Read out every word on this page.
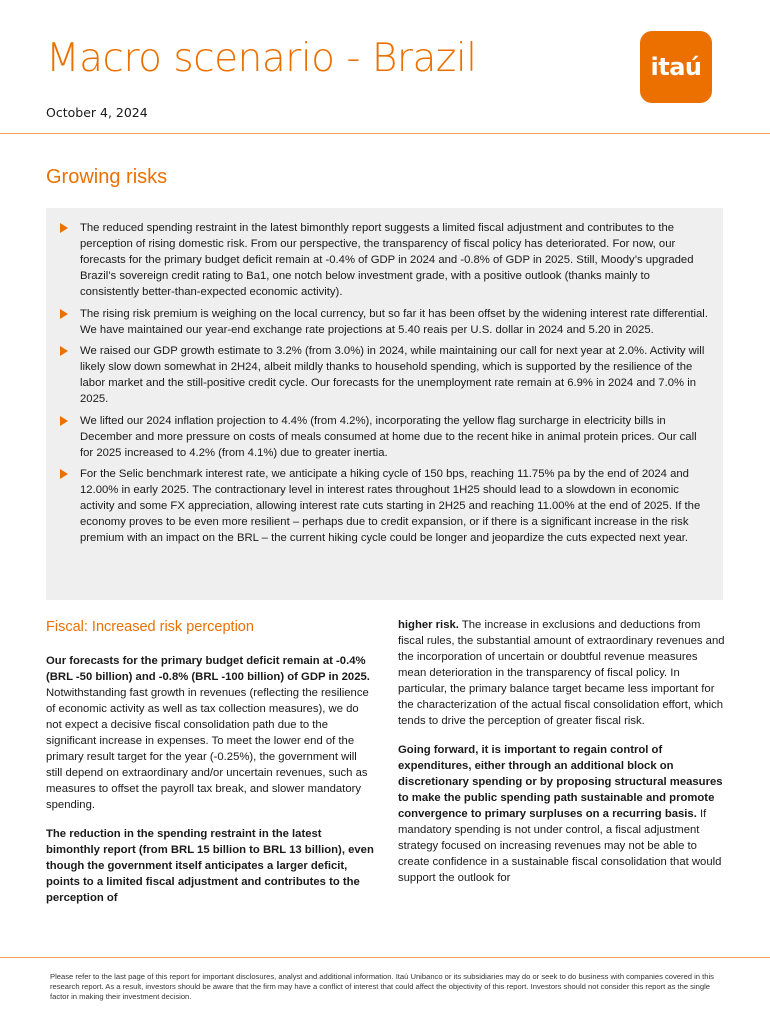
Macro scenario - Brazil
October 4, 2024
itaú
Growing risks
The reduced spending restraint in the latest bimonthly report suggests a limited fiscal adjustment and contributes to the perception of rising domestic risk. From our perspective, the transparency of fiscal policy has deteriorated. For now, our forecasts for the primary budget deficit remain at -0.4% of GDP in 2024 and -0.8% of GDP in 2025. Still, Moody’s upgraded Brazil’s sovereign credit rating to Ba1, one notch below investment grade, with a positive outlook (thanks mainly to consistently better-than-expected economic activity).
The rising risk premium is weighing on the local currency, but so far it has been offset by the widening interest rate differential. We have maintained our year-end exchange rate projections at 5.40 reais per U.S. dollar in 2024 and 5.20 in 2025.
We raised our GDP growth estimate to 3.2% (from 3.0%) in 2024, while maintaining our call for next year at 2.0%. Activity will likely slow down somewhat in 2H24, albeit mildly thanks to household spending, which is supported by the resilience of the labor market and the still-positive credit cycle. Our forecasts for the unemployment rate remain at 6.9% in 2024 and 7.0% in 2025.
We lifted our 2024 inflation projection to 4.4% (from 4.2%), incorporating the yellow flag surcharge in electricity bills in December and more pressure on costs of meals consumed at home due to the recent hike in animal protein prices. Our call for 2025 increased to 4.2% (from 4.1%) due to greater inertia.
For the Selic benchmark interest rate, we anticipate a hiking cycle of 150 bps, reaching 11.75% pa by the end of 2024 and 12.00% in early 2025. The contractionary level in interest rates throughout 1H25 should lead to a slowdown in economic activity and some FX appreciation, allowing interest rate cuts starting in 2H25 and reaching 11.00% at the end of 2025. If the economy proves to be even more resilient – perhaps due to credit expansion, or if there is a significant increase in the risk premium with an impact on the BRL – the current hiking cycle could be longer and jeopardize the cuts expected next year.
Fiscal: Increased risk perception

Our forecasts for the primary budget deficit remain at -0.4% (BRL -50 billion) and -0.8% (BRL -100 billion) of GDP in 2025. Notwithstanding fast growth in revenues (reflecting the resilience of economic activity as well as tax collection measures), we do not expect a decisive fiscal consolidation path due to the significant increase in expenses. To meet the lower end of the primary result target for the year (-0.25%), the government will still depend on extraordinary and/or uncertain revenues, such as measures to offset the payroll tax break, and slower mandatory spending.

The reduction in the spending restraint in the latest bimonthly report (from BRL 15 billion to BRL 13 billion), even though the government itself anticipates a larger deficit, points to a limited fiscal adjustment and contributes to the perception of

higher risk. The increase in exclusions and deductions from fiscal rules, the substantial amount of extraordinary revenues and the incorporation of uncertain or doubtful revenue measures mean deterioration in the transparency of fiscal policy. In particular, the primary balance target became less important for the characterization of the actual fiscal consolidation effort, which tends to drive the perception of greater fiscal risk.

Going forward, it is important to regain control of expenditures, either through an additional block on discretionary spending or by proposing structural measures to make the public spending path sustainable and promote convergence to primary surpluses on a recurring basis. If mandatory spending is not under control, a fiscal adjustment strategy focused on increasing revenues may not be able to create confidence in a sustainable fiscal consolidation that would support the outlook for

Please refer to the last page of this report for important disclosures, analyst and additional information. Itaú Unibanco or its subsidiaries may do or seek to do business with companies covered in this research report. As a result, investors should be aware that the firm may have a conflict of interest that could affect the objectivity of this report. Investors should not consider this report as the single factor in making their investment decision.
